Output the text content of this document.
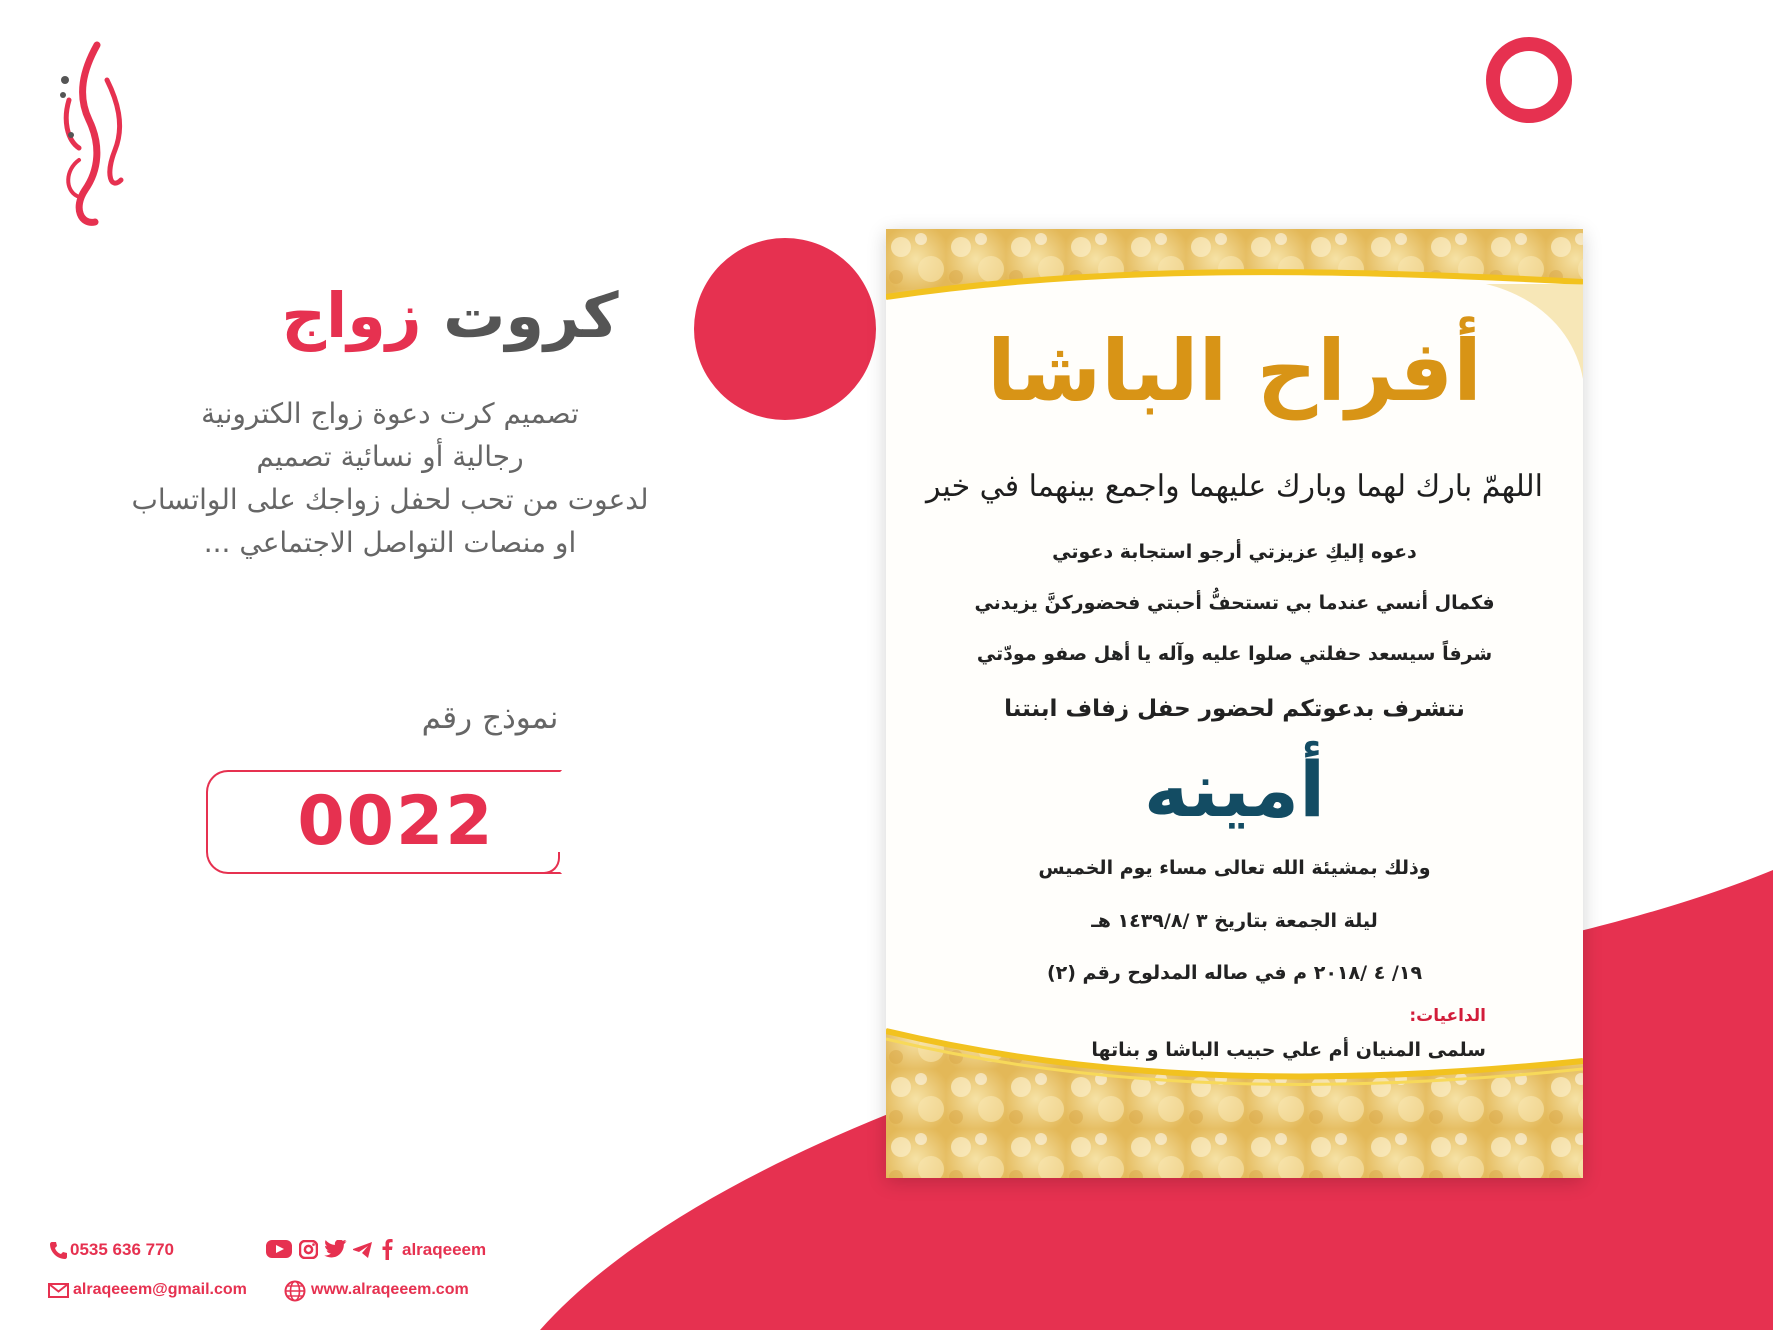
كروت زواج
تصميم كرت دعوة زواج الكترونية
رجالية أو نسائية تصميم
لدعوت من تحب لحفل زواجك على الواتساب
او منصات التواصل الاجتماعي ...
نموذج رقم
0022
أفراح الباشا
اللهمّ بارك لهما وبارك عليهما واجمع بينهما في خير
دعوه إليكِ عزيزتي أرجو استجابة دعوتي
فكمال أنسي عندما بي تستحفُّ أحبتي فحضوركنَّ يزيدني
شرفاً سيسعد حفلتي صلوا عليه وآله يا أهل صفو مودّتي
نتشرف بدعوتكم لحضور حفل زفاف ابنتنا
أمينه
وذلك بمشيئة الله تعالى مساء يوم الخميس
ليلة الجمعة بتاريخ ٣ /١٤٣٩/٨ هـ
١٩/ ٤ /٢٠١٨ م في صاله المدلوح رقم (٢)
الداعيات:
سلمى المنيان أم علي حبيب الباشا و بناتها
0535 636 770	alraqeeem
alraqeeem@gmail.com	www.alraqeeem.com
